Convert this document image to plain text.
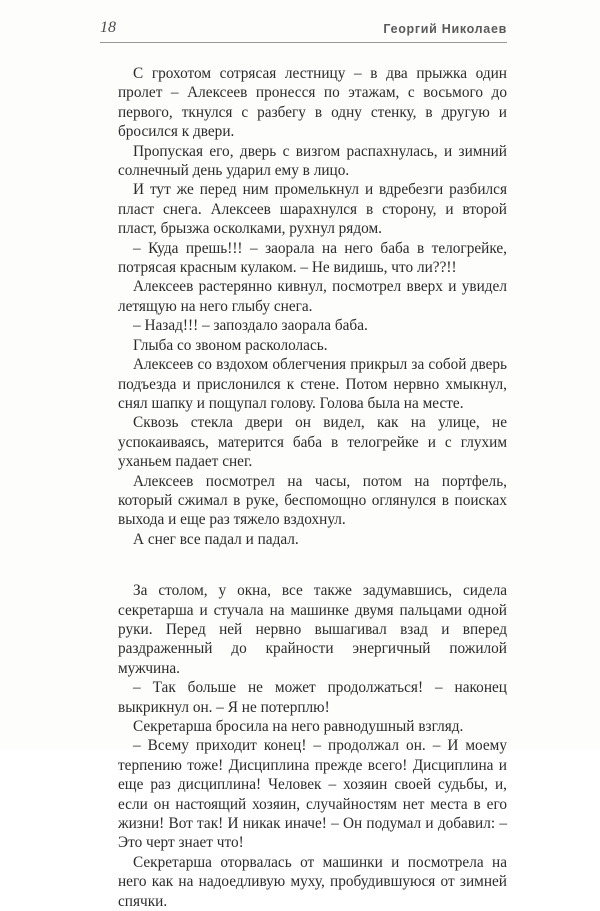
18	Георгий Николаев

С грохотом сотрясая лестницу – в два прыжка один пролет – Алексеев пронесся по этажам, с восьмого до первого, ткнулся с разбегу в одну стенку, в другую и бросился к двери.

Пропуская его, дверь с визгом распахнулась, и зимний солнечный день ударил ему в лицо.

И тут же перед ним промелькнул и вдребезги разбился пласт снега. Алексеев шарахнулся в сторону, и второй пласт, брызжа осколками, рухнул рядом.

– Куда прешь!!! – заорала на него баба в телогрейке, потрясая красным кулаком. – Не видишь, что ли??!!

Алексеев растерянно кивнул, посмотрел вверх и увидел летящую на него глыбу снега.

– Назад!!! – запоздало заорала баба.

Глыба со звоном раскололась.

Алексеев со вздохом облегчения прикрыл за собой дверь подъезда и прислонился к стене. Потом нервно хмыкнул, снял шапку и пощупал голову. Голова была на месте.

Сквозь стекла двери он видел, как на улице, не успокаиваясь, матерится баба в телогрейке и с глухим уханьем падает снег.

Алексеев посмотрел на часы, потом на портфель, который сжимал в руке, беспомощно оглянулся в поисках выхода и еще раз тяжело вздохнул.

А снег все падал и падал.

За столом, у окна, все также задумавшись, сидела секретарша и стучала на машинке двумя пальцами одной руки. Перед ней нервно вышагивал взад и вперед раздраженный до крайности энергичный пожилой мужчина.

– Так больше не может продолжаться! – наконец выкрикнул он. – Я не потерплю!

Секретарша бросила на него равнодушный взгляд.

– Всему приходит конец! – продолжал он. – И моему терпению тоже! Дисциплина прежде всего! Дисциплина и еще раз дисциплина! Человек – хозяин своей судьбы, и, если он настоящий хозяин, случайностям нет места в его жизни! Вот так! И никак иначе! – Он подумал и добавил: – Это черт знает что!

Секретарша оторвалась от машинки и посмотрела на него как на надоедливую муху, пробудившуюся от зимней спячки.
